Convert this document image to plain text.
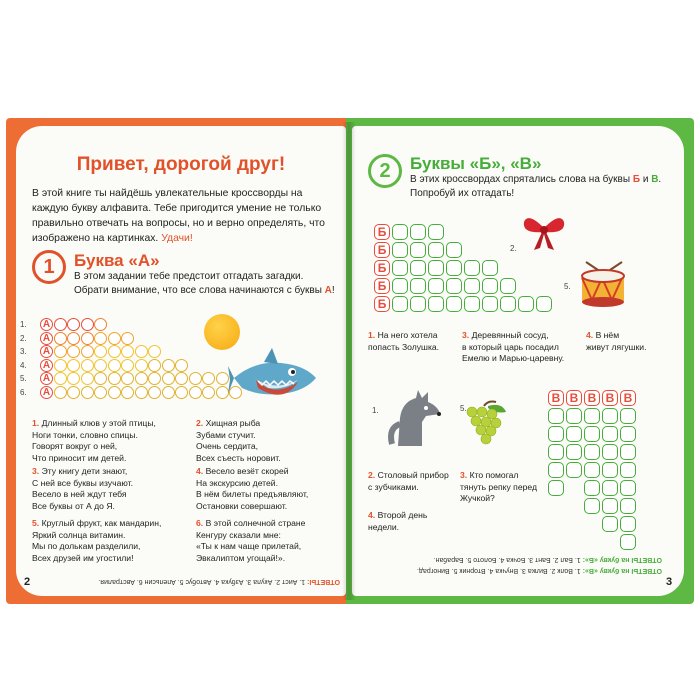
Привет, дорогой друг!
В этой книге ты найдёшь увлекательные кроссворды на каждую букву алфавита. Тебе пригодится умение не только правильно отвечать на вопросы, но и верно определять, что изображено на картинках. Удачи!
1	Буква «А»
В этом задании тебе предстоит отгадать загадки. Обрати внимание, что все слова начинаются с буквы А!
1. А
2. А
3. А
4. А
5. А
6. А
1. Длинный клюв у этой птицы,
Ноги тонки, словно спицы.
Говорят вокруг о ней,
Что приносит им детей.
2. Хищная рыба
Зубами стучит.
Очень сердита,
Всех съесть норовит.
3. Эту книгу дети знают,
С ней все буквы изучают.
Весело в ней ждут тебя
Все буквы от А до Я.
4. Весело везёт скорей
На экскурсию детей.
В нём билеты предъявляют,
Остановки совершают.
5. Круглый фрукт, как мандарин,
Яркий солнца витамин.
Мы по долькам разделили,
Всех друзей им угостили!
6. В этой солнечной стране
Кенгуру сказали мне:
«Ты к нам чаще прилетай,
Эвкалиптом угощай!».
2	ОТВЕТЫ: 1. Аист 2. Акула 3. Азбука 4. Автобус 5. Апельсин 6. Австралия.
2	Буквы «Б», «В»
В этих кроссвордах спрятались слова на буквы Б и В.
Попробуй их отгадать!
Б
Б
Б
Б
Б
В В В В В
2.
5.
1.	5.
1. На него хотела
попасть Золушка.
3. Деревянный сосуд,
в который царь посадил
Емелю и Марью-царевну.
4. В нём
живут лягушки.
2. Столовый прибор
с зубчиками.
3. Кто помогал
тянуть репку перед
Жучкой?
4. Второй день
недели.
ОТВЕТЫ на букву «В»: 1. Волк 2. Вилка 3. Внучка 4. Вторник 5. Виноград.
ОТВЕТЫ на букву «Б»: 1. Бал 2. Бант 3. Бочка 4. Болото 5. Барабан.
3
